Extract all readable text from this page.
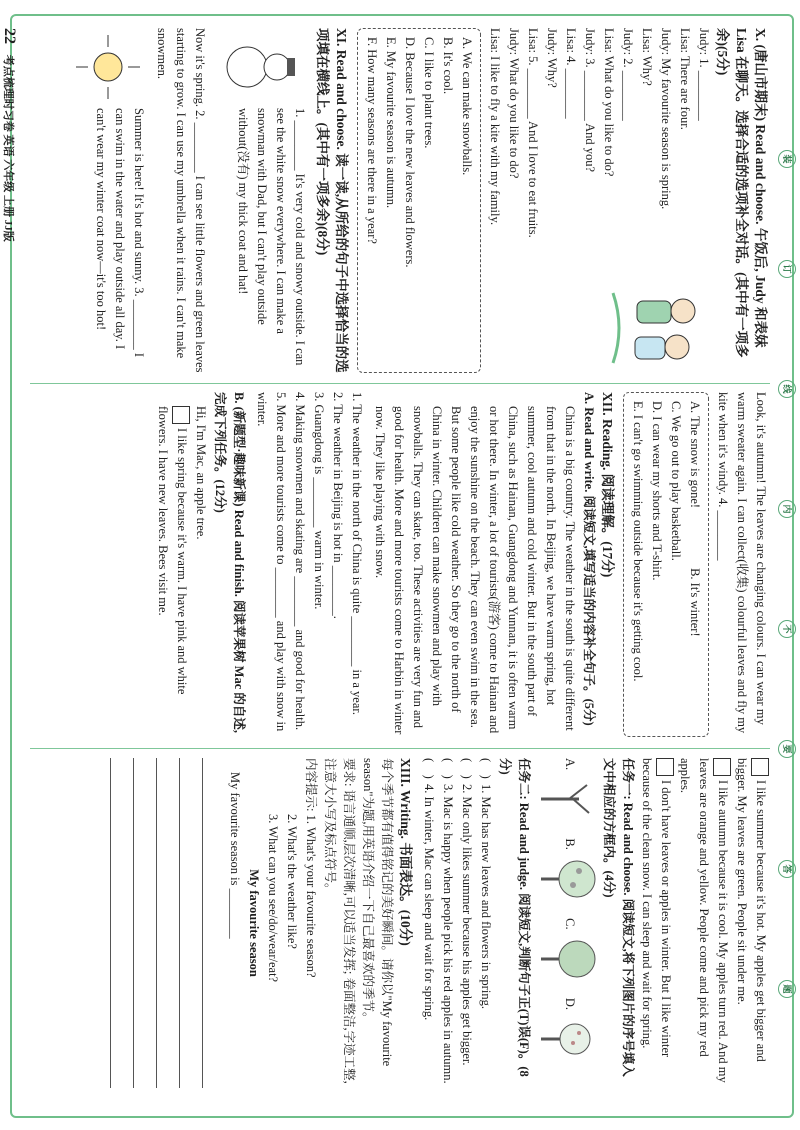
装
订
线
内
不
要
答
题
X. (唐山市期末) Read and choose. 午饭后, Judy 和表妹 Lisa 在聊天。选择合适的选项补全对话。(其中有一项多余)(5分)
Judy: 1. ________
Lisa: There are four.
Judy: My favourite season is spring.
Lisa: Why?
Judy: 2. ________
Lisa: What do you like to do?
Judy: 3. ________ And you?
Lisa: 4. ________
Judy: Why?
Lisa: 5. ________ And I love to eat fruits.
Judy: What do you like to do?
Lisa: I like to fly a kite with my family.
A. We can make snowballs.
B. It's cool.
C. I like to plant trees.
D. Because I love the new leaves and flowers.
E. My favourite season is autumn.
F. How many seasons are there in a year?
XI. Read and choose. 读一读,从所给的句子中选择恰当的选项填在横线上。(其中有一项多余)(8分)
1. ________ It's very cold and snowy outside. I can see the white snow everywhere. I can make a snowman with Dad, but I can't play outside without(没有) my thick coat and hat!
Now it's spring. 2. ________ I can see little flowers and green leaves starting to grow. I can use my umbrella when it rains. I can't make snowmen.
Summer is here! It's hot and sunny. 3. ________ I can swim in the water and play outside all day. I can't wear my winter coat now—it's too hot!
Look, it's autumn! The leaves are changing colours. I can wear my warm sweater again. I can collect(收集) colourful leaves and fly my kite when it's windy. 4. ________
A. The snow is gone!B. It's winter!
C. We go out to play basketball.
D. I can wear my shorts and T-shirt.
E. I can't go swimming outside because it's getting cool.
XII. Reading. 阅读理解。(17分)
A. Read and write. 阅读短文,填写适当的内容补全句子。(5分)
China is a big country. The weather in the south is quite different from that in the north. In Beijing, we have warm spring, hot summer, cool autumn and cold winter. But in the south part of China, such as Hainan, Guangdong and Yunnan, it is often warm or hot there. In winter, a lot of tourists(游客) come to Hainan and enjoy the sunshine on the beach. They can even swim in the sea. But some people like cold weather. So they go to the north of China in winter. Children can make snowmen and play with snowballs. They can skate, too. These activities are very fun and good for health. More and more tourists come to Harbin in winter now. They like playing with snow.
1. The weather in the north of China is quite ________ in a year.
2. The weather in Beijing is hot in ________.
3. Guangdong is ________ warm in winter.
4. Making snowmen and skating are ________ and good for health.
5. More and more tourists come to ________ and play with snow in winter.
B. (新题型·趣味新课) Read and finish. 阅读苹果树 Mac 的自述,完成下列任务。(12分)
Hi, I'm Mac, an apple tree.
I like spring because it's warm. I have pink and white flowers. I have new leaves. Bees visit me.
I like summer because it's hot. My apples get bigger and bigger. My leaves are green. People sit under me.
I like autumn because it is cool. My apples turn red. And my leaves are orange and yellow. People come and pick my red apples.
I don't have leaves or apples in winter. But I like winter because of the clean snow. I can sleep and wait for spring.
任务一: Read and choose. 阅读短文,将下列图片的序号填入文中相应的方框内。(4分)
A.  B.  C.  D.
任务二: Read and judge. 阅读短文,判断句子正(T)误(F)。(8分)
(　)1. Mac has new leaves and flowers in spring.
(　)2. Mac only likes summer because his apples get bigger.
(　)3. Mac is happy when people pick his red apples in autumn.
(　)4. In winter, Mac can sleep and wait for spring.
XIII. Writing. 书面表达。(10分)
每个季节都有值得铭记的美好瞬间。请你以"My favourite season"为题,用英语介绍一下自己最喜欢的季节。
要求: 语言通顺,层次清晰,可以适当发挥; 卷面整洁,字迹工整,注意大小写及标点符号。
内容提示: 1. What's your favourite season?
2. What's the weather like?
3. What can you see/do/wear/eat?
My favourite season
My favourite season is ________
22 考点梳理时习卷 英语 六年级 上册 JJ版
